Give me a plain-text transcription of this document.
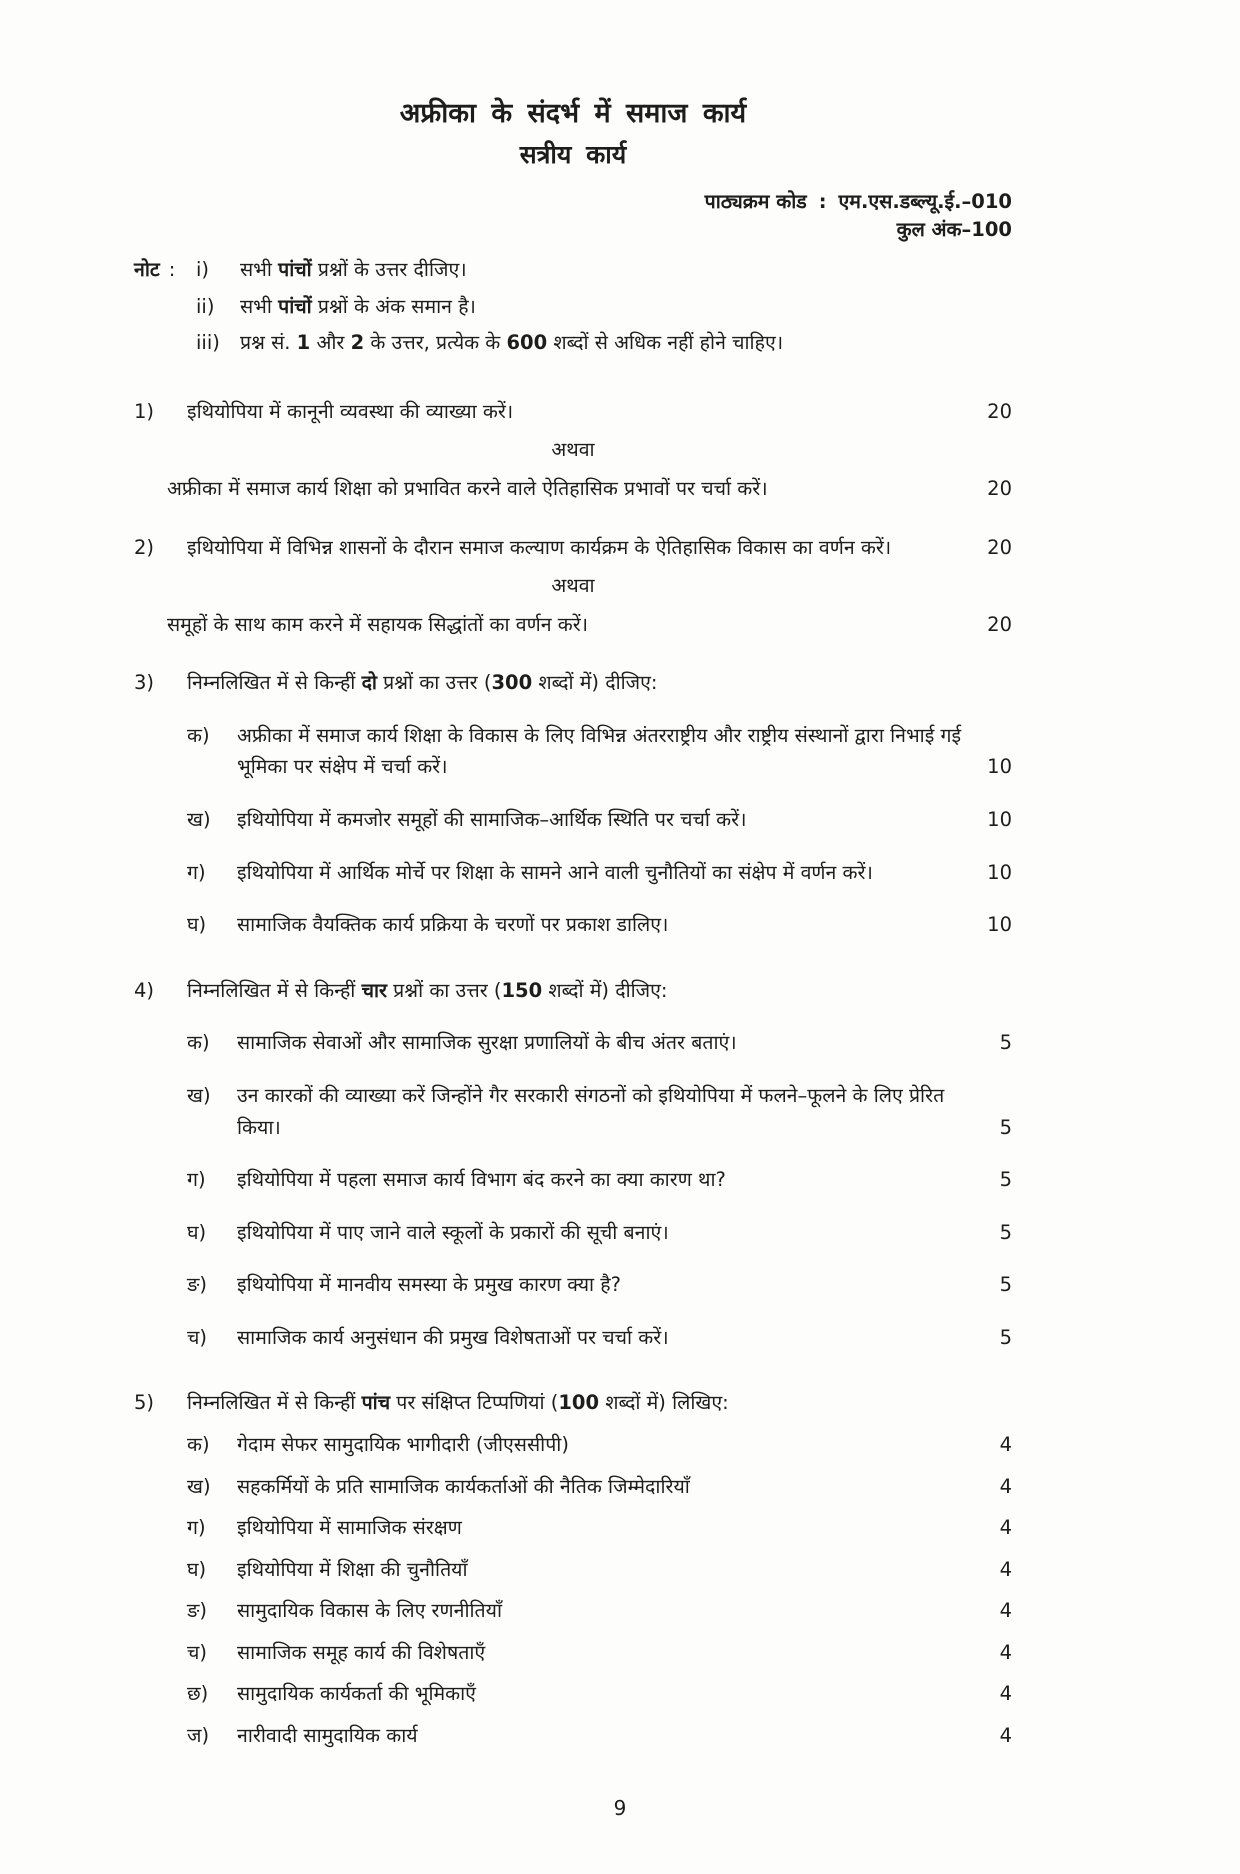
अफ्रीका के संदर्भ में समाज कार्य
सत्रीय कार्य
पाठ्यक्रम कोड : एम.एस.डब्ल्यू.ई.–010
कुल अंक–100
नोट :	i)	सभी पांचों प्रश्नों के उत्तर दीजिए।
ii)	सभी पांचों प्रश्नों के अंक समान है।
iii)	प्रश्न सं. 1 और 2 के उत्तर, प्रत्येक के 600 शब्दों से अधिक नहीं होने चाहिए।
1)	इथियोपिया में कानूनी व्यवस्था की व्याख्या करें।	20
अथवा
अफ्रीका में समाज कार्य शिक्षा को प्रभावित करने वाले ऐतिहासिक प्रभावों पर चर्चा करें।	20
2)	इथियोपिया में विभिन्न शासनों के दौरान समाज कल्याण कार्यक्रम के ऐतिहासिक विकास का वर्णन करें।	20
अथवा
समूहों के साथ काम करने में सहायक सिद्धांतों का वर्णन करें।	20
3)	निम्नलिखित में से किन्हीं दो प्रश्नों का उत्तर (300 शब्दों में) दीजिए:
क)	अफ्रीका में समाज कार्य शिक्षा के विकास के लिए विभिन्न अंतरराष्ट्रीय और राष्ट्रीय संस्थानों द्वारा निभाई गई भूमिका पर संक्षेप में चर्चा करें।	10
ख)	इथियोपिया में कमजोर समूहों की सामाजिक–आर्थिक स्थिति पर चर्चा करें।	10
ग)	इथियोपिया में आर्थिक मोर्चे पर शिक्षा के सामने आने वाली चुनौतियों का संक्षेप में वर्णन करें।	10
घ)	सामाजिक वैयक्तिक कार्य प्रक्रिया के चरणों पर प्रकाश डालिए।	10
4)	निम्नलिखित में से किन्हीं चार प्रश्नों का उत्तर (150 शब्दों में) दीजिए:
क)	सामाजिक सेवाओं और सामाजिक सुरक्षा प्रणालियों के बीच अंतर बताएं।	5
ख)	उन कारकों की व्याख्या करें जिन्होंने गैर सरकारी संगठनों को इथियोपिया में फलने–फूलने के लिए प्रेरित किया।	5
ग)	इथियोपिया में पहला समाज कार्य विभाग बंद करने का क्या कारण था?	5
घ)	इथियोपिया में पाए जाने वाले स्कूलों के प्रकारों की सूची बनाएं।	5
ङ)	इथियोपिया में मानवीय समस्या के प्रमुख कारण क्या है?	5
च)	सामाजिक कार्य अनुसंधान की प्रमुख विशेषताओं पर चर्चा करें।	5
5)	निम्नलिखित में से किन्हीं पांच पर संक्षिप्त टिप्पणियां (100 शब्दों में) लिखिए:
क)	गेदाम सेफर सामुदायिक भागीदारी (जीएससीपी)	4
ख)	सहकर्मियों के प्रति सामाजिक कार्यकर्ताओं की नैतिक जिम्मेदारियाँ	4
ग)	इथियोपिया में सामाजिक संरक्षण	4
घ)	इथियोपिया में शिक्षा की चुनौतियाँ	4
ङ)	सामुदायिक विकास के लिए रणनीतियाँ	4
च)	सामाजिक समूह कार्य की विशेषताएँ	4
छ)	सामुदायिक कार्यकर्ता की भूमिकाएँ	4
ज)	नारीवादी सामुदायिक कार्य	4
9
